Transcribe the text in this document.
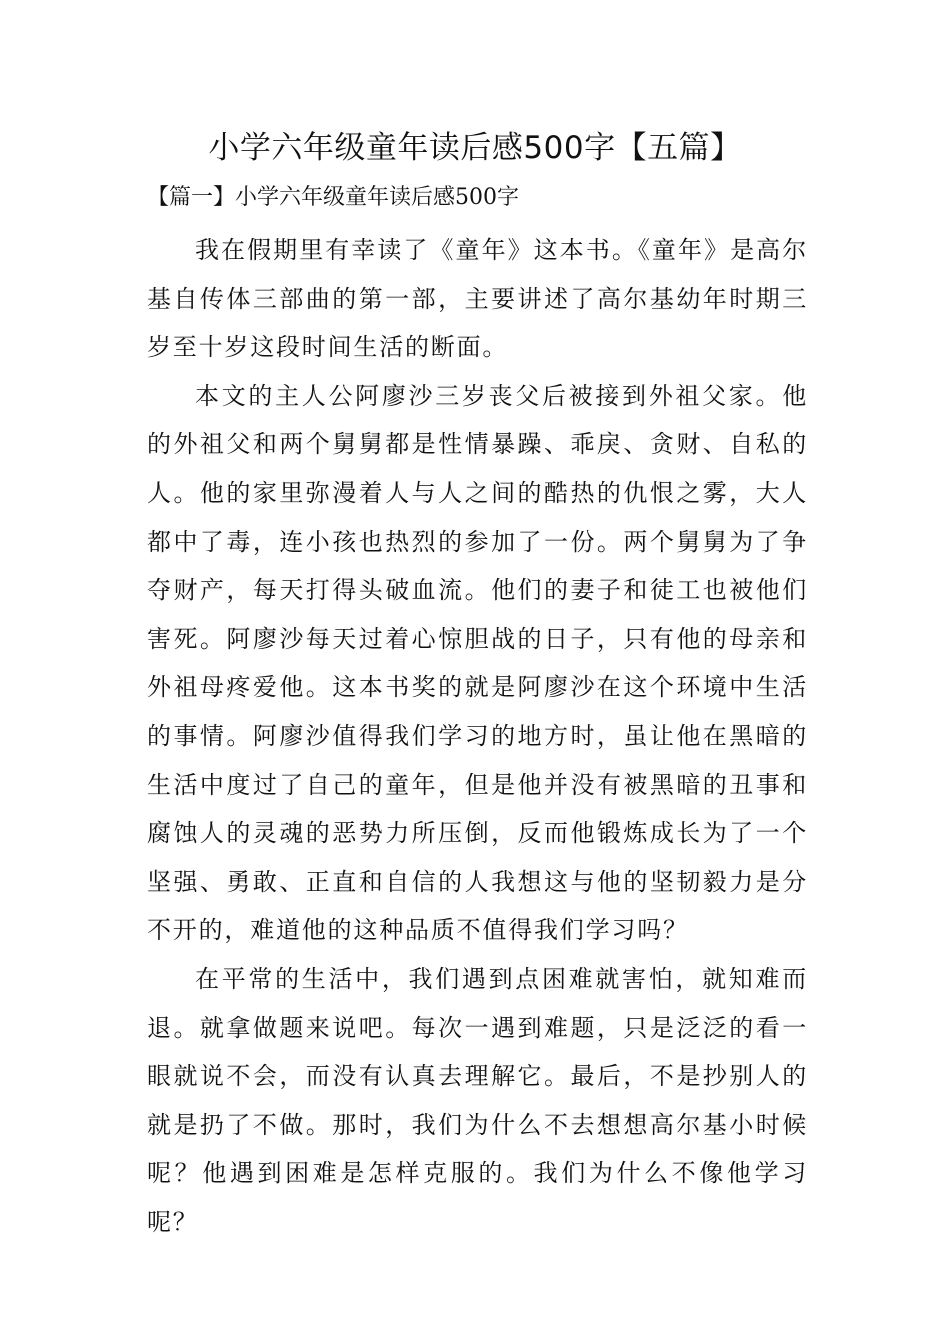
小学六年级童年读后感500字【五篇】
【篇一】小学六年级童年读后感500字

我在假期里有幸读了《童年》这本书。《童年》是高尔基自传体三部曲的第一部，主要讲述了高尔基幼年时期三岁至十岁这段时间生活的断面。

本文的主人公阿廖沙三岁丧父后被接到外祖父家。他的外祖父和两个舅舅都是性情暴躁、乖戾、贪财、自私的人。他的家里弥漫着人与人之间的酷热的仇恨之雾，大人都中了毒，连小孩也热烈的参加了一份。两个舅舅为了争夺财产，每天打得头破血流。他们的妻子和徒工也被他们害死。阿廖沙每天过着心惊胆战的日子，只有他的母亲和外祖母疼爱他。这本书奖的就是阿廖沙在这个环境中生活的事情。阿廖沙值得我们学习的地方时，虽让他在黑暗的生活中度过了自己的童年，但是他并没有被黑暗的丑事和腐蚀人的灵魂的恶势力所压倒，反而他锻炼成长为了一个坚强、勇敢、正直和自信的人我想这与他的坚韧毅力是分不开的，难道他的这种品质不值得我们学习吗？

在平常的生活中，我们遇到点困难就害怕，就知难而退。就拿做题来说吧。每次一遇到难题，只是泛泛的看一眼就说不会，而没有认真去理解它。最后，不是抄别人的就是扔了不做。那时，我们为什么不去想想高尔基小时候呢？他遇到困难是怎样克服的。我们为什么不像他学习呢？
